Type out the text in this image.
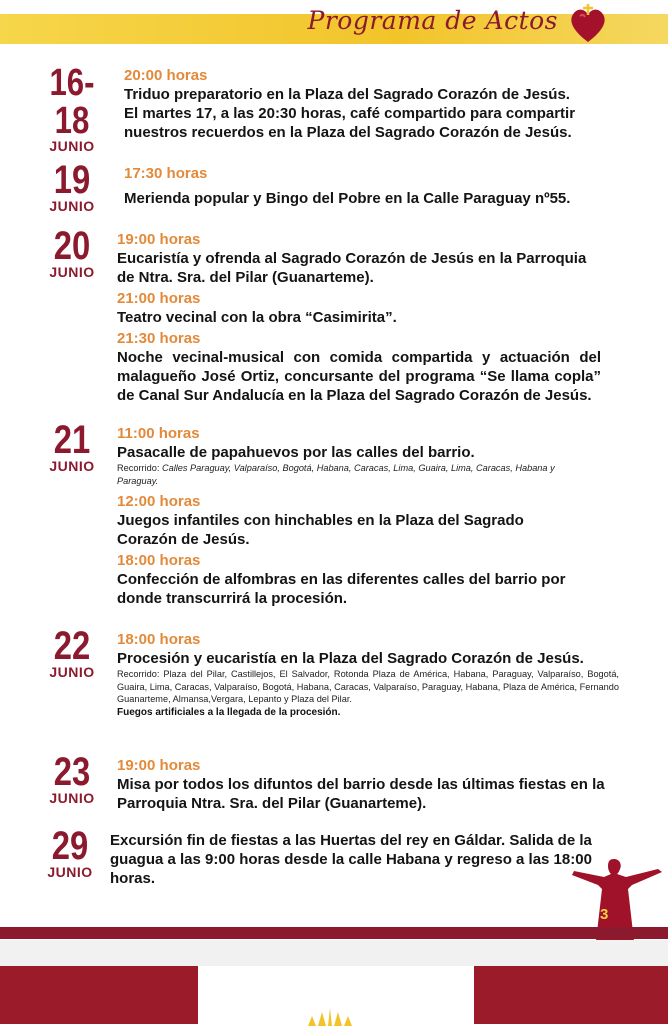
Programa de Actos
16-18
JUNIO
20:00 horas
Triduo preparatorio en la Plaza del Sagrado Corazón de Jesús. El martes 17, a las 20:30 horas, café compartido para compartir nuestros recuerdos en la Plaza del Sagrado Corazón de Jesús.
19
JUNIO
17:30 horas
Merienda popular y Bingo del Pobre en la Calle Paraguay nº55.
20
JUNIO
19:00 horas
Eucaristía y ofrenda al Sagrado Corazón de Jesús en la Parroquia de Ntra. Sra. del Pilar (Guanarteme).
21:00 horas
Teatro vecinal con la obra “Casimirita”.
21:30 horas
Noche vecinal-musical con comida compartida y actuación del malagueño José Ortiz, concursante del programa “Se llama copla” de Canal Sur Andalucía en la Plaza del Sagrado Corazón de Jesús.
21
JUNIO
11:00 horas
Pasacalle de papahuevos por las calles del barrio.
Recorrido: Calles Paraguay, Valparaíso, Bogotá, Habana, Caracas, Lima, Guaira, Lima, Caracas, Habana y Paraguay.
12:00 horas
Juegos infantiles con hinchables en la Plaza del Sagrado Corazón de Jesús.
18:00 horas
Confección de alfombras en las diferentes calles del barrio por donde transcurrirá la procesión.
22
JUNIO
18:00 horas
Procesión y eucaristía en la Plaza del Sagrado Corazón de Jesús.
Recorrido: Plaza del Pilar, Castillejos, El Salvador, Rotonda Plaza de América, Habana, Paraguay, Valparaíso, Bogotá, Guaira, Lima, Caracas, Valparaíso, Bogotá, Habana, Caracas, Valparaíso, Paraguay, Habana, Plaza de América, Fernando Guanarteme, Almansa,Vergara, Lepanto y Plaza del Pilar.
Fuegos artificiales a la llegada de la procesión.
23
JUNIO
19:00 horas
Misa por todos los difuntos del barrio desde las últimas fiestas en la Parroquia Ntra. Sra. del Pilar (Guanarteme).
29
JUNIO
Excursión fin de fiestas a las Huertas del rey en Gáldar. Salida de la guagua a las 9:00 horas desde la calle Habana y regreso a las 18:00 horas.
3
